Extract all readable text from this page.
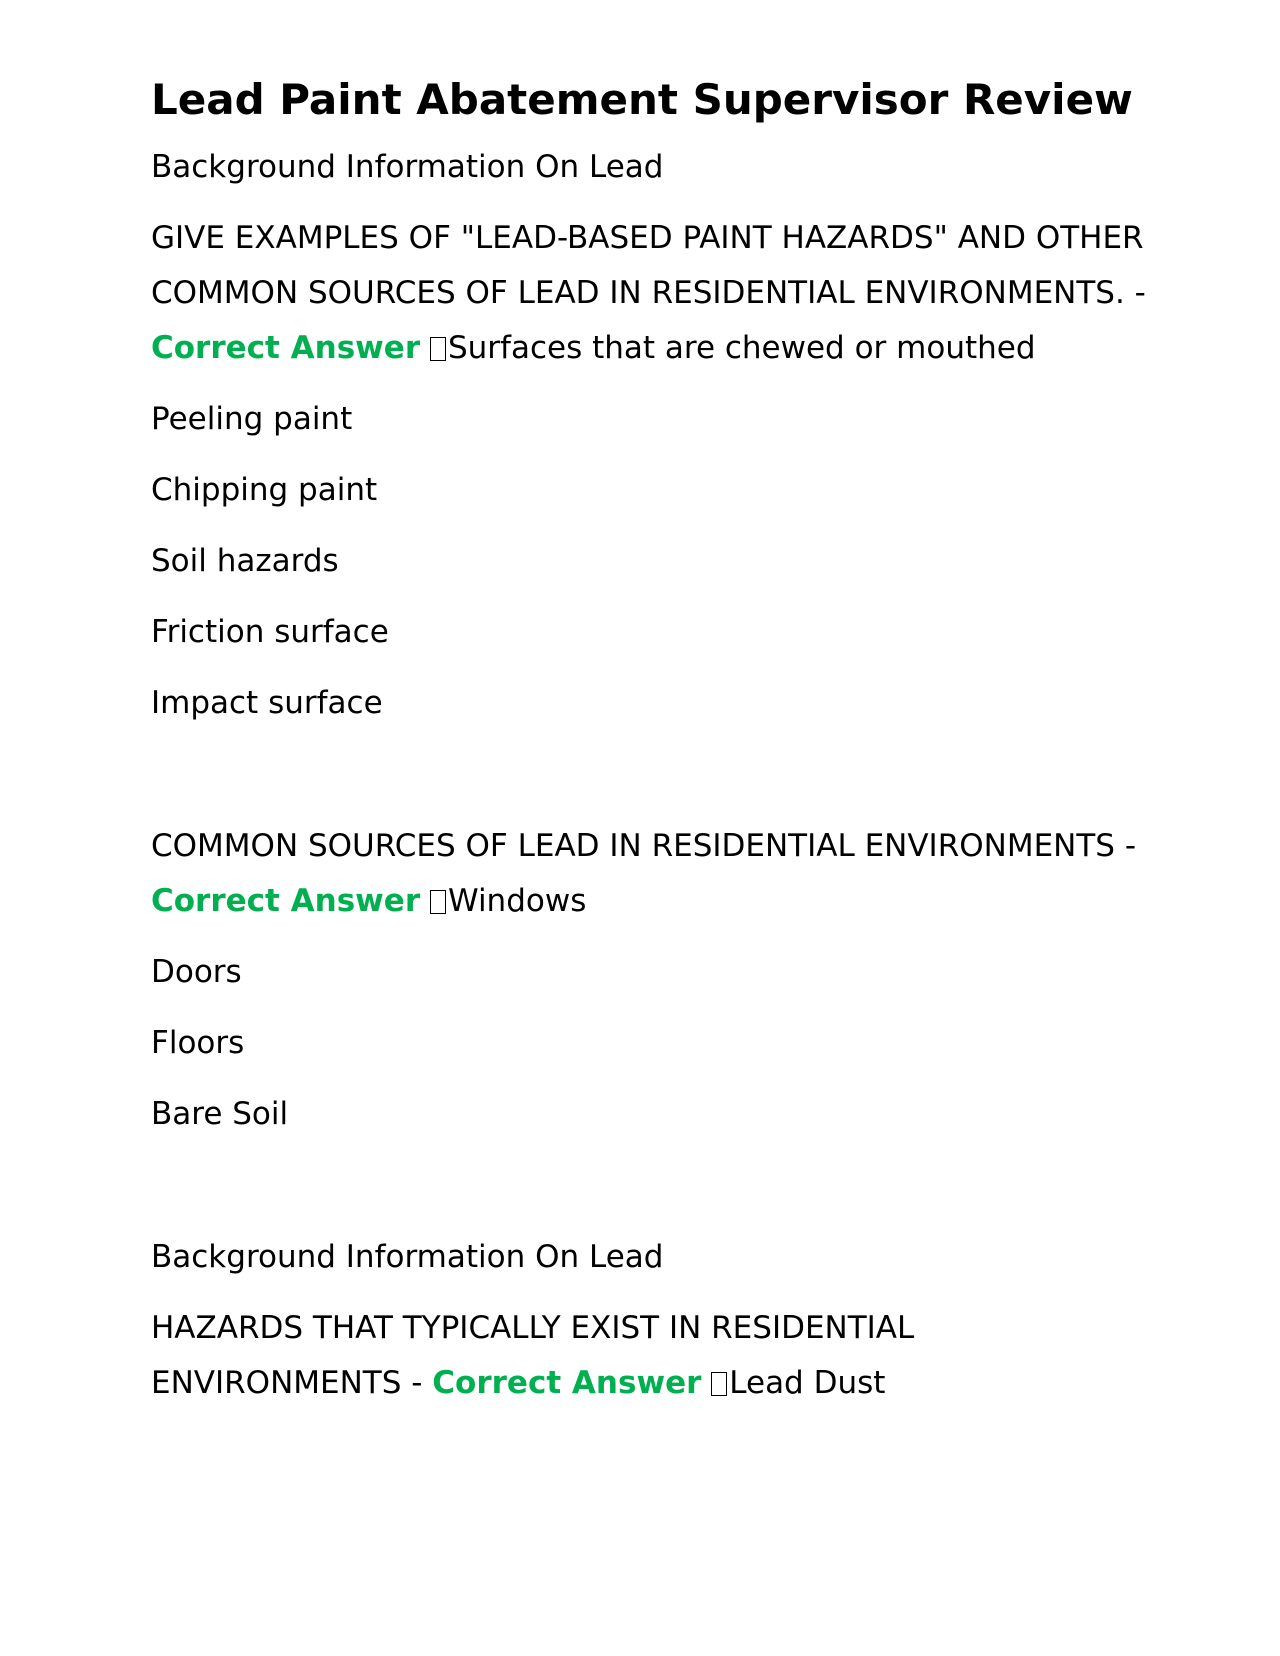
Lead Paint Abatement Supervisor Review

Background Information On Lead

GIVE EXAMPLES OF "LEAD-BASED PAINT HAZARDS" AND OTHER COMMON SOURCES OF LEAD IN RESIDENTIAL ENVIRONMENTS. - Correct Answer Surfaces that are chewed or mouthed

Peeling paint

Chipping paint

Soil hazards

Friction surface

Impact surface

COMMON SOURCES OF LEAD IN RESIDENTIAL ENVIRONMENTS - Correct Answer Windows

Doors

Floors

Bare Soil

Background Information On Lead

HAZARDS THAT TYPICALLY EXIST IN RESIDENTIAL ENVIRONMENTS - Correct Answer Lead Dust
